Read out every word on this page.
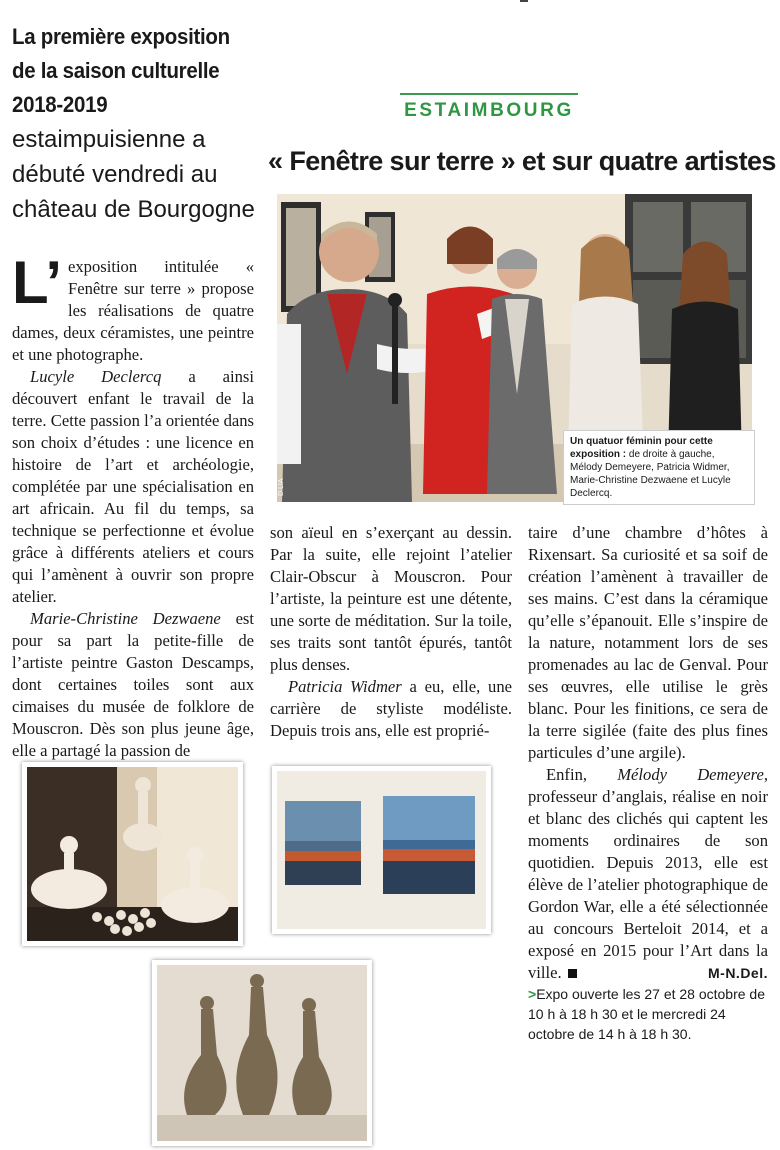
La première exposition
de la saison culturelle
2018-2019
estaimpuisienne a
débuté vendredi au
château de Bourgogne
ESTAIMBOURG
« Fenêtre sur terre » et sur quatre artistes
D.LIA
Un quatuor féminin pour cette exposition : de droite à gauche, Mélody Demeyere, Patricia Widmer, Marie-Christine Dezwaene et Lucyle Declercq.

L’ exposition intitulée « Fenêtre sur terre » propose les réalisations de quatre dames, deux céramistes, une peintre et une photographe.

Lucyle Declercq a ainsi découvert enfant le travail de la terre. Cette passion l’a orientée dans son choix d’études : une licence en histoire de l’art et archéologie, complétée par une spécialisation en art africain. Au fil du temps, sa technique se perfectionne et évolue grâce à différents ateliers et cours qui l’amènent à ouvrir son propre atelier.

Marie-Christine Dezwaene est pour sa part la petite-fille de l’artiste peintre Gaston Descamps, dont certaines toiles sont aux cimaises du musée de folklore de Mouscron. Dès son plus jeune âge, elle a partagé la passion de

son aïeul en s’exerçant au dessin. Par la suite, elle rejoint l’atelier Clair-Obscur à Mouscron. Pour l’artiste, la peinture est une détente, une sorte de méditation. Sur la toile, ses traits sont tantôt épurés, tantôt plus denses.

Patricia Widmer a eu, elle, une carrière de styliste modéliste. Depuis trois ans, elle est proprié-

taire d’une chambre d’hôtes à Rixensart. Sa curiosité et sa soif de création l’amènent à travailler de ses mains. C’est dans la céramique qu’elle s’épanouit. Elle s’inspire de la nature, notamment lors de ses promenades au lac de Genval. Pour ses œuvres, elle utilise le grès blanc. Pour les finitions, ce sera de la terre sigilée (faite des plus fines particules d’une argile).

Enfin, Mélody Demeyere, professeur d’anglais, réalise en noir et blanc des clichés qui captent les moments ordinaires de son quotidien. Depuis 2013, elle est élève de l’atelier photographique de Gordon War, elle a été sélectionnée au concours Berteloit 2014, et a exposé en 2015 pour l’Art dans la ville.	M-N.Del.

>Expo ouverte les 27 et 28 octobre de 10 h à 18 h 30 et le mercredi 24 octobre de 14 h à 18 h 30.
